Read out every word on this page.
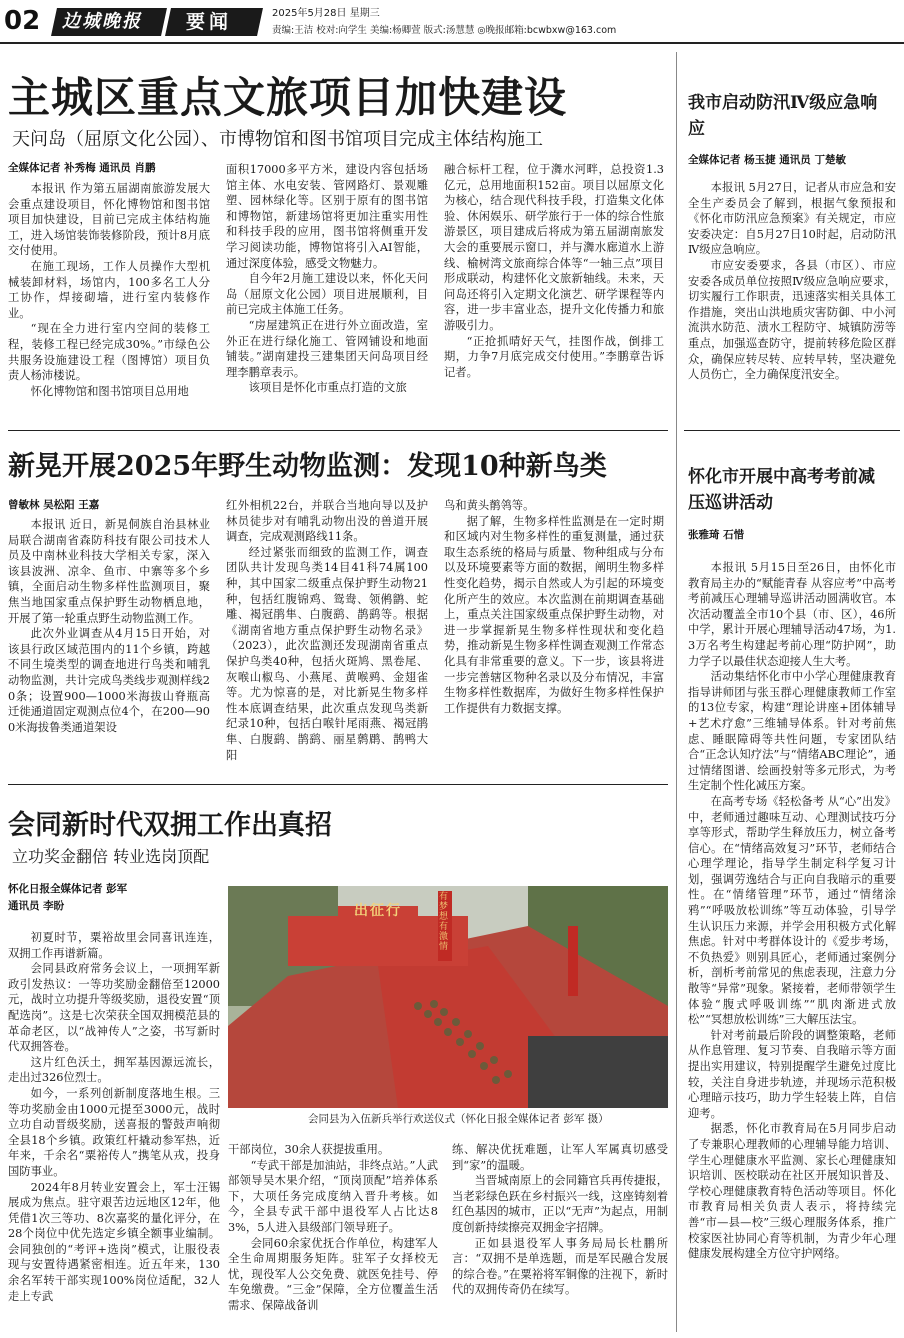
02 边城晚报 要闻	2025年5月28日 星期三
责编:王洁 校对:向学生 美编:杨卿萱 版式:汤慧慧 ◎晚报邮箱:bcwbxw@163.com
主城区重点文旅项目加快建设
天问岛（屈原文化公园）、市博物馆和图书馆项目完成主体结构施工
全媒体记者 补秀梅 通讯员 肖鹏

本报讯 作为第五届湖南旅游发展大会重点建设项目，怀化博物馆和图书馆项目加快建设，目前已完成主体结构施工，进入场馆装饰装修阶段，预计8月底交付使用。

在施工现场，工作人员操作大型机械装卸材料，场馆内，100多名工人分工协作，焊接砌墙，进行室内装修作业。

“现在全力进行室内空间的装修工程，装修工程已经完成30%。”市绿色公共服务设施建设工程（图博馆）项目负责人杨沛楼说。

怀化博物馆和图书馆项目总用地

面积17000多平方米，建设内容包括场馆主体、水电安装、管网路灯、景观雕塑、园林绿化等。区别于原有的图书馆和博物馆，新建场馆将更加注重实用性和科技手段的应用，图书馆将侧重开发学习阅读功能，博物馆将引入AI智能，通过深度体验，感受文物魅力。

自今年2月施工建设以来，怀化天问岛（屈原文化公园）项目进展顺利，目前已完成主体施工任务。

“房屋建筑正在进行外立面改造，室外正在进行绿化施工、管网铺设和地面铺装。”湖南建投三建集团天问岛项目经理李鹏章表示。

该项目是怀化市重点打造的文旅

融合标杆工程，位于㵲水河畔，总投资1.3亿元，总用地面积152亩。项目以屈原文化为核心，结合现代科技手段，打造集文化体验、休闲娱乐、研学旅行于一体的综合性旅游景区，项目建成后将成为第五届湖南旅发大会的重要展示窗口，并与㵲水廊道水上游线、榆树湾文旅商综合体等“一轴三点”项目形成联动，构建怀化文旅新轴线。未来，天问岛还将引入定期文化演艺、研学课程等内容，进一步丰富业态，提升文化传播力和旅游吸引力。

“正抢抓晴好天气，挂图作战，倒排工期，力争7月底完成交付使用。”李鹏章告诉记者。

我市启动防汛Ⅳ级应急响应
全媒体记者 杨玉捷 通讯员 丁楚敏

本报讯 5月27日，记者从市应急和安全生产委员会了解到，根据气象预报和《怀化市防汛应急预案》有关规定，市应安委决定：自5月27日10时起，启动防汛Ⅳ级应急响应。

市应安委要求，各县（市区）、市应安委各成员单位按照Ⅳ级应急响应要求，切实履行工作职责，迅速落实相关具体工作措施，突出山洪地质灾害防御、中小河流洪水防范、渍水工程防守、城镇防涝等重点，加强巡查防守，提前转移危险区群众，确保应转尽转、应转早转，坚决避免人员伤亡，全力确保度汛安全。

新晃开展2025年野生动物监测：发现10种新鸟类
曾敏林 吴松阳 王嘉

本报讯 近日，新晃侗族自治县林业局联合湖南省森防科技有限公司技术人员及中南林业科技大学相关专家，深入该县波洲、凉伞、鱼市、中寨等多个乡镇，全面启动生物多样性监测项目，聚焦当地国家重点保护野生动物栖息地，开展了第一轮重点野生动物监测工作。

此次外业调查从4月15日开始，对该县行政区域范围内的11个乡镇，跨越不同生境类型的调查地进行鸟类和哺乳动物监测，共计完成鸟类线步观测样线20条；设置900—1000米海拔山脊瓶高迁徙通道固定观测点位4个，在200—900米海拔鲁类通道架设

红外相机22台，并联合当地向导以及护林员徒步对有哺乳动物出没的兽道开展调查，完成观测路线11条。

经过紧张而细致的监测工作，调查团队共计发现鸟类14目41科74属100种，其中国家二级重点保护野生动物21种，包括红腹锦鸡、鸳鸯、领鸺鹠、蛇雕、褐冠鹃隼、白腹鹞、鹊鹞等。根据《湖南省地方重点保护野生动物名录》（2023），此次监测还发现湖南省重点保护鸟类40种，包括火斑鸠、黑卷尾、灰喉山椒鸟、小燕尾、黄喉鹀、金翅雀等。尤为惊喜的是，对比新晃生物多样性本底调查结果，此次重点发现鸟类新纪录10种，包括白喉针尾雨燕、褐冠鹃隼、白腹鹞、鹊鹞、丽星鹩鹛、鹊鸭大阳

鸟和黄头鹡鸰等。

据了解，生物多样性监测是在一定时期和区域内对生物多样性的重复测量，通过获取生态系统的格局与质量、物种组成与分布以及环境要素等方面的数据，阐明生物多样性变化趋势，揭示自然或人为引起的环境变化所产生的效应。本次监测在前期调查基础上，重点关注国家级重点保护野生动物，对进一步掌握新晃生物多样性现状和变化趋势，推动新晃生物多样性调查观测工作常态化具有非常重要的意义。下一步，该县将进一步完善辖区物种名录以及分布情况，丰富生物多样性数据库，为做好生物多样性保护工作提供有力数据支撑。

怀化市开展中高考考前减压巡讲活动
张雅琦 石惜

本报讯 5月15日至26日，由怀化市教育局主办的“赋能青春 从容应考”中高考考前减压心理辅导巡讲活动圆满收官。本次活动覆盖全市10个县（市、区），46所中学，累计开展心理辅导活动47场，为1.3万名考生构建起考前心理“防护网”，助力学子以最佳状态迎接人生大考。

活动集结怀化市中小学心理健康教育指导讲师团与张玉群心理健康教师工作室的13位专家，构建“理论讲座+团体辅导+艺术疗愈”三维辅导体系。针对考前焦虑、睡眠障碍等共性问题，专家团队结合“正念认知疗法”与“情绪ABC理论”，通过情绪图谱、绘画投射等多元形式，为考生定制个性化减压方案。

在高考专场《轻松备考 从“心”出发》中，老师通过趣味互动、心理测试技巧分享等形式，帮助学生释放压力，树立备考信心。在“情绪高效复习”环节，老师结合心理学理论，指导学生制定科学复习计划，强调劳逸结合与正向自我暗示的重要性。在“情绪管理”环节，通过“情绪涂鸦”“呼吸放松训练”等互动体验，引导学生认识压力来源，并学会用积极方式化解焦虑。针对中考群体设计的《爱步考场，不负热爱》则别具匠心，老师通过案例分析，剖析考前常见的焦虑表现，注意力分散等“异常”现象。紧接着，老师带领学生体验“腹式呼吸训练”“肌肉渐进式放松”“冥想放松训练”三大解压法宝。

针对考前最后阶段的调整策略，老师从作息管理、复习节奏、自我暗示等方面提出实用建议，特别提醒学生避免过度比较，关注自身进步轨迹，并现场示范积极心理暗示技巧，助力学生轻装上阵，自信迎考。

据悉，怀化市教育局在5月同步启动了专兼职心理教师的心理辅导能力培训、学生心理健康水平监测、家长心理健康知识培训、医校联动在社区开展知识普及、学校心理健康教育特色活动等项目。怀化市教育局相关负责人表示，将持续完善“市—县—校”三级心理服务体系，推广校家医社协同心育等机制，为青少年心理健康发展构建全方位守护网络。

会同新时代双拥工作出真招
立功奖金翻倍 转业选岗顶配
怀化日报全媒体记者 彭军
通讯员 李盼

初夏时节，粟裕故里会同喜讯连连，双拥工作再谱新篇。

会同县政府常务会议上，一项拥军新政引发热议：一等功奖励金翻倍至12000元，战时立功提升等级奖励，退役安置“顶配选岗”。这是七次荣获全国双拥模范县的革命老区，以“战神传人”之姿，书写新时代双拥答卷。

这片红色沃土，拥军基因源远流长，走出过326位烈士。

如今，一系列创新制度落地生根。三等功奖励金由1000元提至3000元，战时立功自动晋级奖励，送喜报的警鼓声响彻全县18个乡镇。政策红杆撬动参军热，近年来，千余名“粟裕传人”携笔从戎，投身国防事业。

2024年8月转业安置会上，军士汪锡展成为焦点。驻守艰苦边远地区12年，他凭借1次三等功、8次嘉奖的量化评分，在28个岗位中优先选定乡镇全额事业编制。会同独创的“考评+选岗”模式，让服役表现与安置待遇紧密相连。近五年来，130余名军转干部实现100%岗位适配，32人走上专武

出征行
有梦想有激情
会同县为入伍新兵举行欢送仪式（怀化日报全媒体记者 彭军 摄）

干部岗位，30余人获提拔重用。

“专武干部是加油站，非终点站。”人武部领导吴木果介绍，“顶岗顶配”培养体系下，大项任务完成度纳入晋升考核。如今，全县专武干部中退役军人占比达83%，5人进入县级部门领导班子。

会同60余家优抚合作单位，构建军人全生命周期服务矩阵。驻军子女择校无忧，现役军人公交免费、就医免挂号、停车免缴费。“三金”保障，全方位覆盖生活需求、保障战备训

练、解决优抚难题，让军人军属真切感受到“家”的温暖。

当晋城南原上的会同籍官兵再传捷报，当老彩绿色跃在乡村振兴一线，这座铸刻着红色基因的城市，正以“无声”为起点，用制度创新持续擦亮双拥金字招牌。

正如县退役军人事务局局长杜鹏所言：“双拥不是单选题，而是军民融合发展的综合卷。”在粟裕将军铜像的注视下，新时代的双拥传奇仍在续写。
